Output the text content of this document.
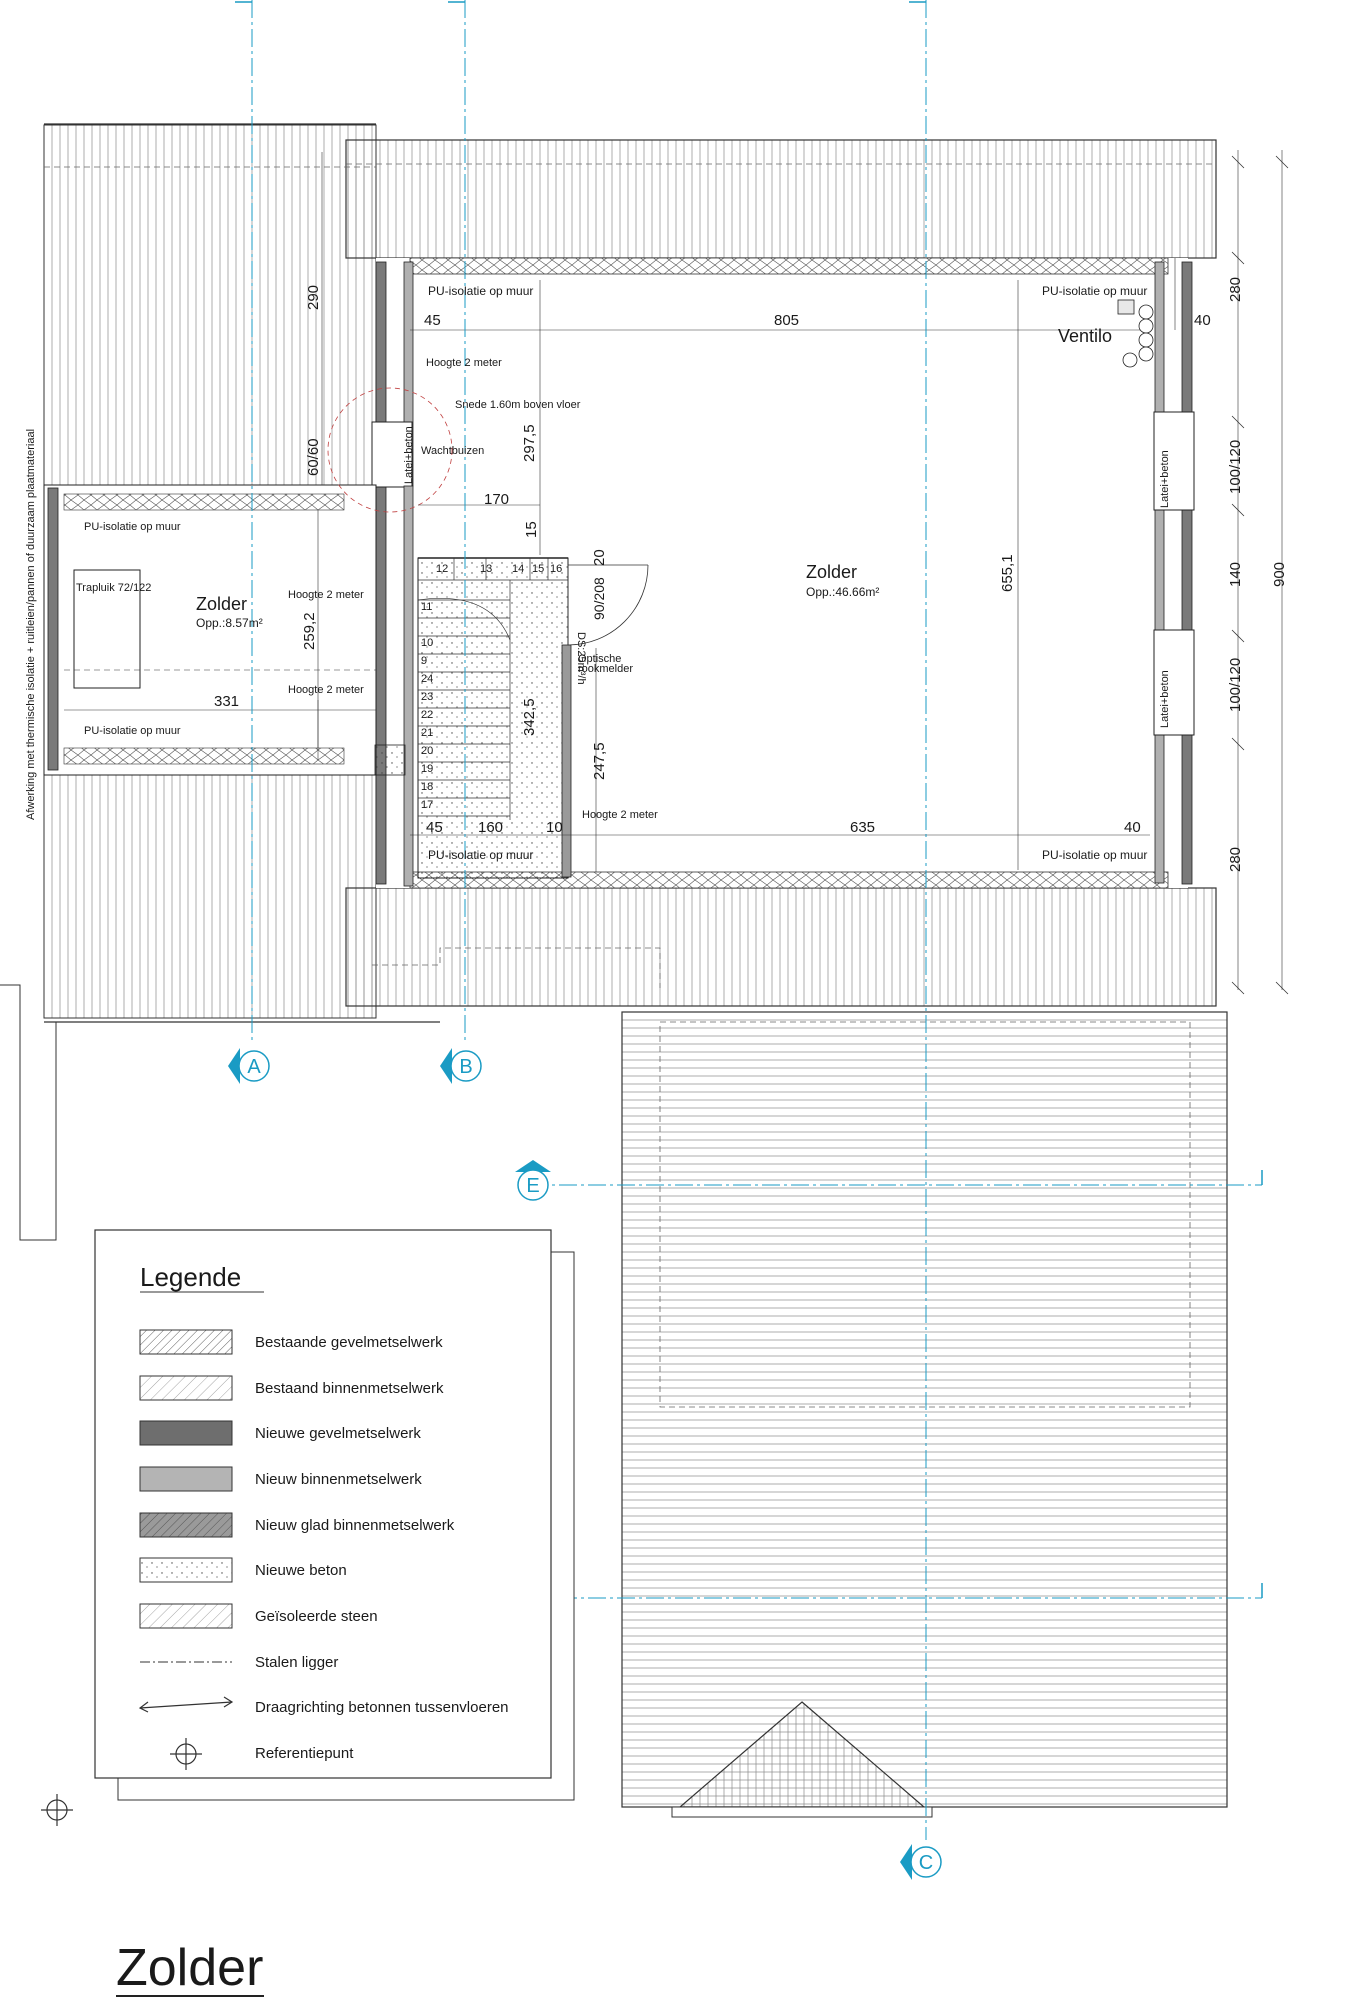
A	B
E
C
PU-isolatie op muur	PU-isolatie op muur
PU-isolatie op muur	PU-isolatie op muur
PU-isolatie op muur
PU-isolatie op muur
Ventilo
Hoogte 2 meter
Hoogte 2 meter
Hoogte 2 meter
Hoogte 2 meter
Snede 1.60m boven vloer
Wachtbuizen
Latei+beton	Latei+beton
Latei+beton
Trapluik 72/122	90/208
DS:25m³/h
Optische
rookmelder
Afwerking met thermische isolatie + ruitleien/pannen of duurzaam plaatmateriaal	Zolder
Opp.:46.66m²
Zolder
Opp.:8.57m²
45	805	40
290
60/60	297,5
170
15
20
259,2
331	342,5
247,5
655,1
45 160	10	635	40
280
100/120
140
100/120
280
900
12	13 14 15 16
11
10
9
24
23
22
21
20
19
18
17
Legende
Bestaande gevelmetselwerk
Bestaand binnenmetselwerk
Nieuwe gevelmetselwerk
Nieuw binnenmetselwerk
Nieuw glad binnenmetselwerk
Nieuwe beton
Geïsoleerde steen
Stalen ligger
Draagrichting betonnen tussenvloeren
Referentiepunt
Zolder
